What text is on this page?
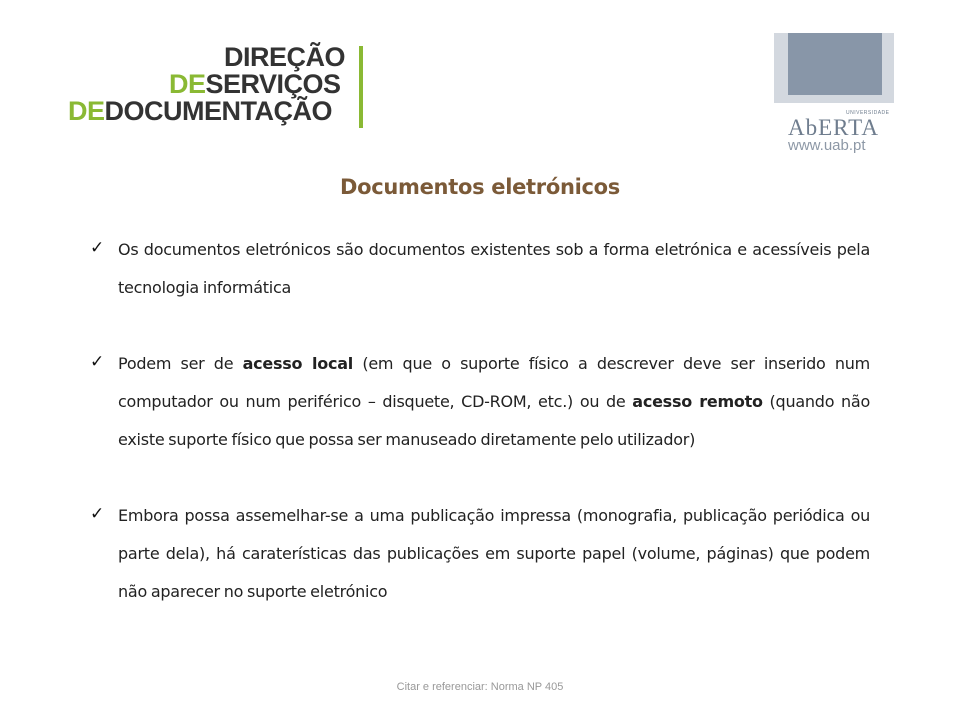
DIREÇÃO
DESERVIÇOS
DEDOCUMENTAÇÃO	UNIVERSIDADE
AbERTA
www.uab.pt
Documentos eletrónicos
✓ Os documentos eletrónicos são documentos existentes sob a forma eletrónica e acessíveis pela tecnologia informática
✓ Podem ser de acesso local (em que o suporte físico a descrever deve ser inserido num computador ou num periférico – disquete, CD-ROM, etc.) ou de acesso remoto (quando não existe suporte físico que possa ser manuseado diretamente pelo utilizador)
✓ Embora possa assemelhar-se a uma publicação impressa (monografia, publicação periódica ou parte dela), há caraterísticas das publicações em suporte papel (volume, páginas) que podem não aparecer no suporte eletrónico
Citar e referenciar: Norma NP 405
